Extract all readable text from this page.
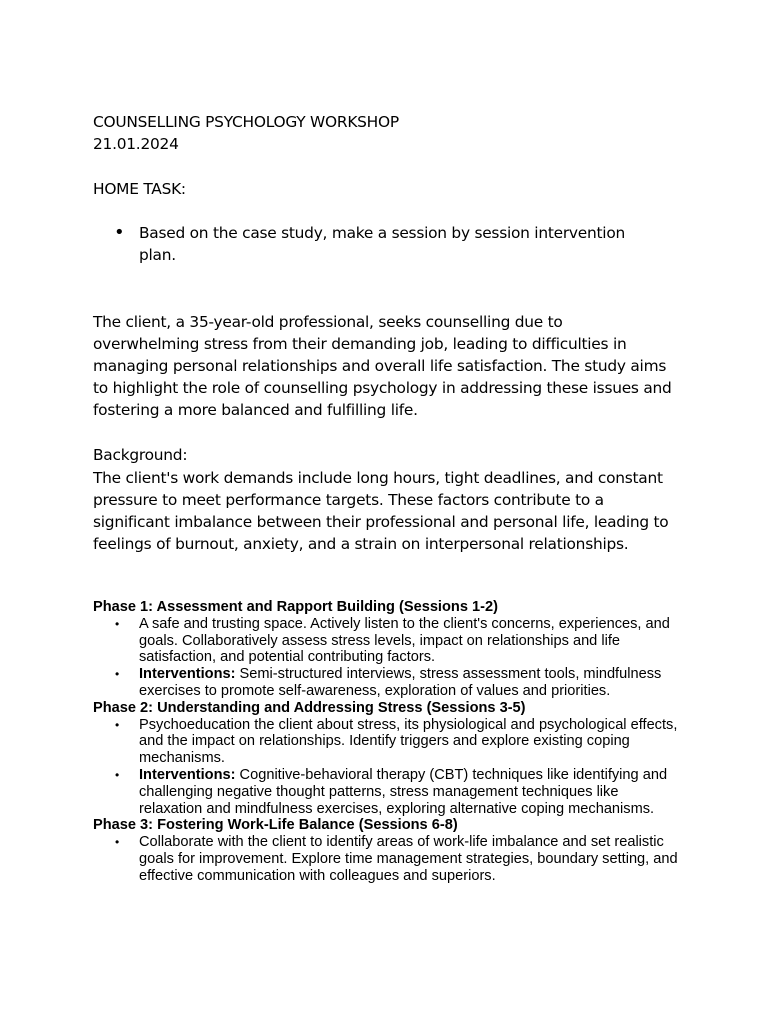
COUNSELLING PSYCHOLOGY WORKSHOP

21.01.2024

HOME TASK:
• Based on the case study, make a session by session intervention plan.

The client, a 35-year-old professional, seeks counselling due to overwhelming stress from their demanding job, leading to difficulties in managing personal relationships and overall life satisfaction. The study aims to highlight the role of counselling psychology in addressing these issues and fostering a more balanced and fulfilling life.

Background:

The client's work demands include long hours, tight deadlines, and constant pressure to meet performance targets. These factors contribute to a significant imbalance between their professional and personal life, leading to feelings of burnout, anxiety, and a strain on interpersonal relationships.

Phase 1: Assessment and Rapport Building (Sessions 1-2)

• A safe and trusting space. Actively listen to the client's concerns, experiences, and goals. Collaboratively assess stress levels, impact on relationships and life satisfaction, and potential contributing factors.
• Interventions: Semi-structured interviews, stress assessment tools, mindfulness exercises to promote self-awareness, exploration of values and priorities.

Phase 2: Understanding and Addressing Stress (Sessions 3-5)

• Psychoeducation the client about stress, its physiological and psychological effects, and the impact on relationships. Identify triggers and explore existing coping mechanisms.
• Interventions: Cognitive-behavioral therapy (CBT) techniques like identifying and challenging negative thought patterns, stress management techniques like relaxation and mindfulness exercises, exploring alternative coping mechanisms.

Phase 3: Fostering Work-Life Balance (Sessions 6-8)

• Collaborate with the client to identify areas of work-life imbalance and set realistic goals for improvement. Explore time management strategies, boundary setting, and effective communication with colleagues and superiors.
